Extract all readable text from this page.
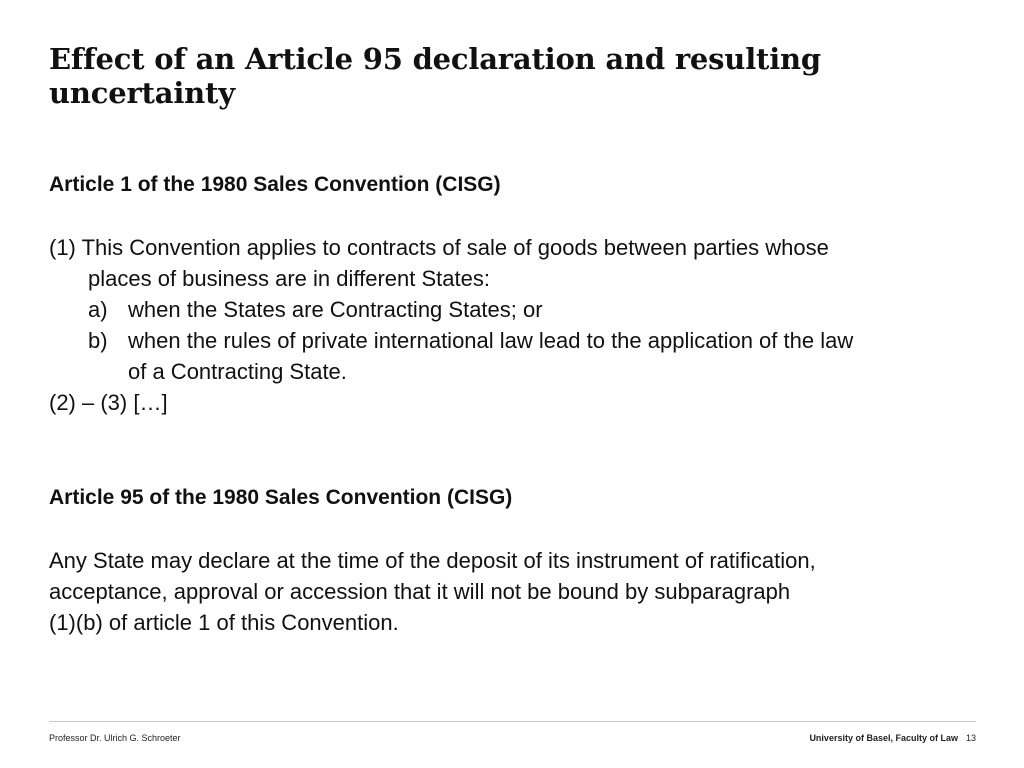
Effect of an Article 95 declaration and resulting uncertainty
Article 1 of the 1980 Sales Convention (CISG)
(1) This Convention applies to contracts of sale of goods between parties whose
places of business are in different States:
a) when the States are Contracting States; or
b) when the rules of private international law lead to the application of the law
of a Contracting State.
(2) – (3) […]
Article 95 of the 1980 Sales Convention (CISG)
Any State may declare at the time of the deposit of its instrument of ratification,
acceptance, approval or accession that it will not be bound by subparagraph
(1)(b) of article 1 of this Convention.
Professor Dr. Ulrich G. Schroeter	University of Basel, Faculty of Law 13
